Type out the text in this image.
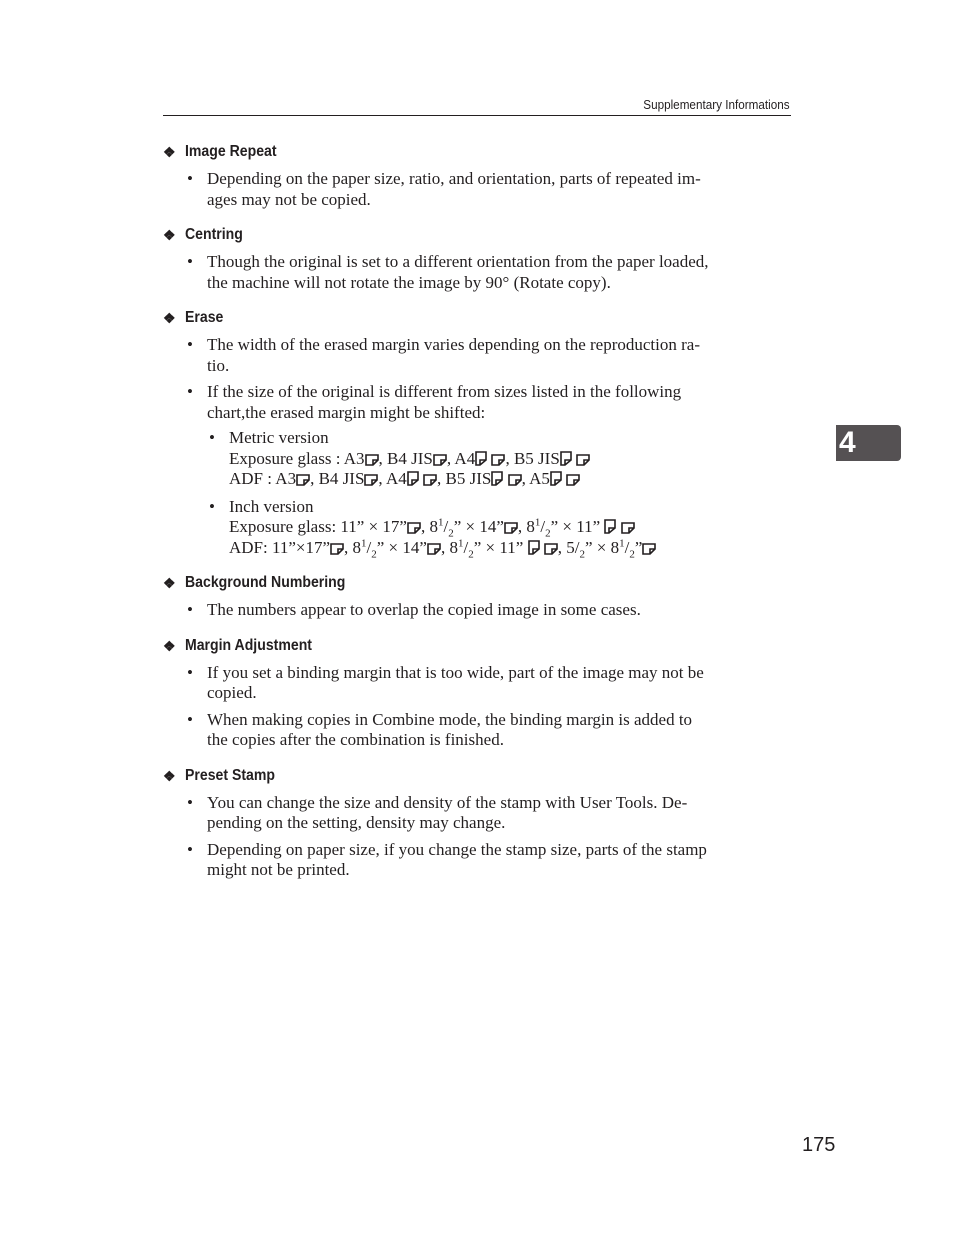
Supplementary Informations
4
❖ Image Repeat
• Depending on the paper size, ratio, and orientation, parts of repeated im-
ages may not be copied.
❖ Centring
• Though the original is set to a different orientation from the paper loaded,
the machine will not rotate the image by 90° (Rotate copy).
❖ Erase
• The width of the erased margin varies depending on the reproduction ra-
tio.
• If the size of the original is different from sizes listed in the following
chart,the erased margin might be shifted:
• Metric version
Exposure glass : A3 , B4 JIS , A4 , B5 JIS
ADF : A3 , B4 JIS , A4 , B5 JIS , A5
• Inch version
Exposure glass: 11” × 17” , $8^1/_2$” × 14” , $8^1/_2$” × 11”
ADF: 11”×17” , $8^1/_2$” × 14” , $8^1/_2$” × 11” , $5/_2$” × $8^1/_2$”
❖ Background Numbering
• The numbers appear to overlap the copied image in some cases.
❖ Margin Adjustment
• If you set a binding margin that is too wide, part of the image may not be
copied.
• When making copies in Combine mode, the binding margin is added to
the copies after the combination is finished.
❖ Preset Stamp
• You can change the size and density of the stamp with User Tools. De-
pending on the setting, density may change.
• Depending on paper size, if you change the stamp size, parts of the stamp
might not be printed.
175
